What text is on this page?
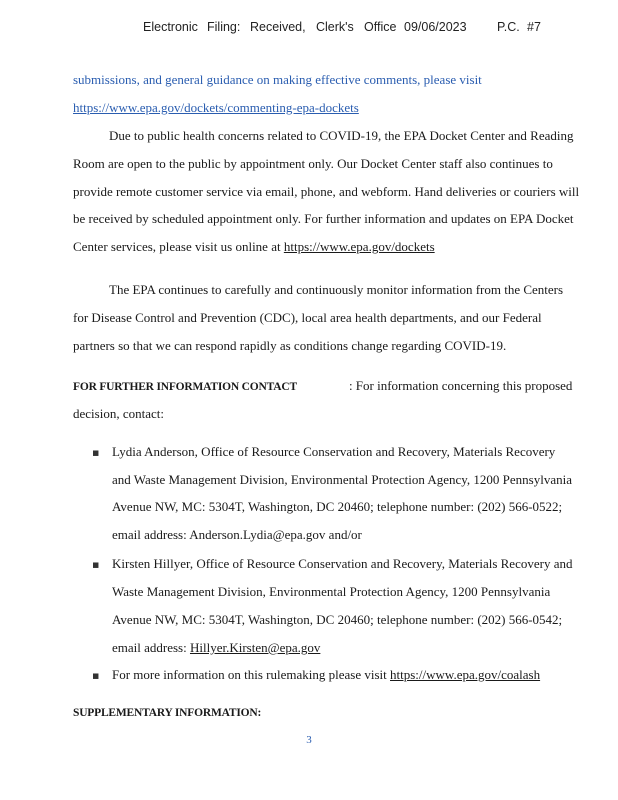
Electronic Filing: Received, Clerk's Office 09/06/2023 P.C. #7
submissions, and general guidance on making effective comments, please visit
https://www.epa.gov/dockets/commenting-epa-dockets
Due to public health concerns related to COVID-19, the EPA Docket Center and Reading
Room are open to the public by appointment only. Our Docket Center staff also continues to
provide remote customer service via email, phone, and webform. Hand deliveries or couriers will
be received by scheduled appointment only. For further information and updates on EPA Docket
Center services, please visit us online at https://www.epa.gov/dockets
The EPA continues to carefully and continuously monitor information from the Centers
for Disease Control and Prevention (CDC), local area health departments, and our Federal
partners so that we can respond rapidly as conditions change regarding COVID-19.
FOR FURTHER INFORMATION CONTACT	: For information concerning this proposed
decision, contact:
▪ Lydia Anderson, Office of Resource Conservation and Recovery, Materials Recovery
and Waste Management Division, Environmental Protection Agency, 1200 Pennsylvania
Avenue NW, MC: 5304T, Washington, DC 20460; telephone number: (202) 566-0522;
email address: Anderson.Lydia@epa.gov and/or
▪ Kirsten Hillyer, Office of Resource Conservation and Recovery, Materials Recovery and
Waste Management Division, Environmental Protection Agency, 1200 Pennsylvania
Avenue NW, MC: 5304T, Washington, DC 20460; telephone number: (202) 566-0542;
email address: Hillyer.Kirsten@epa.gov
▪ For more information on this rulemaking please visit https://www.epa.gov/coalash
SUPPLEMENTARY INFORMATION:
3
